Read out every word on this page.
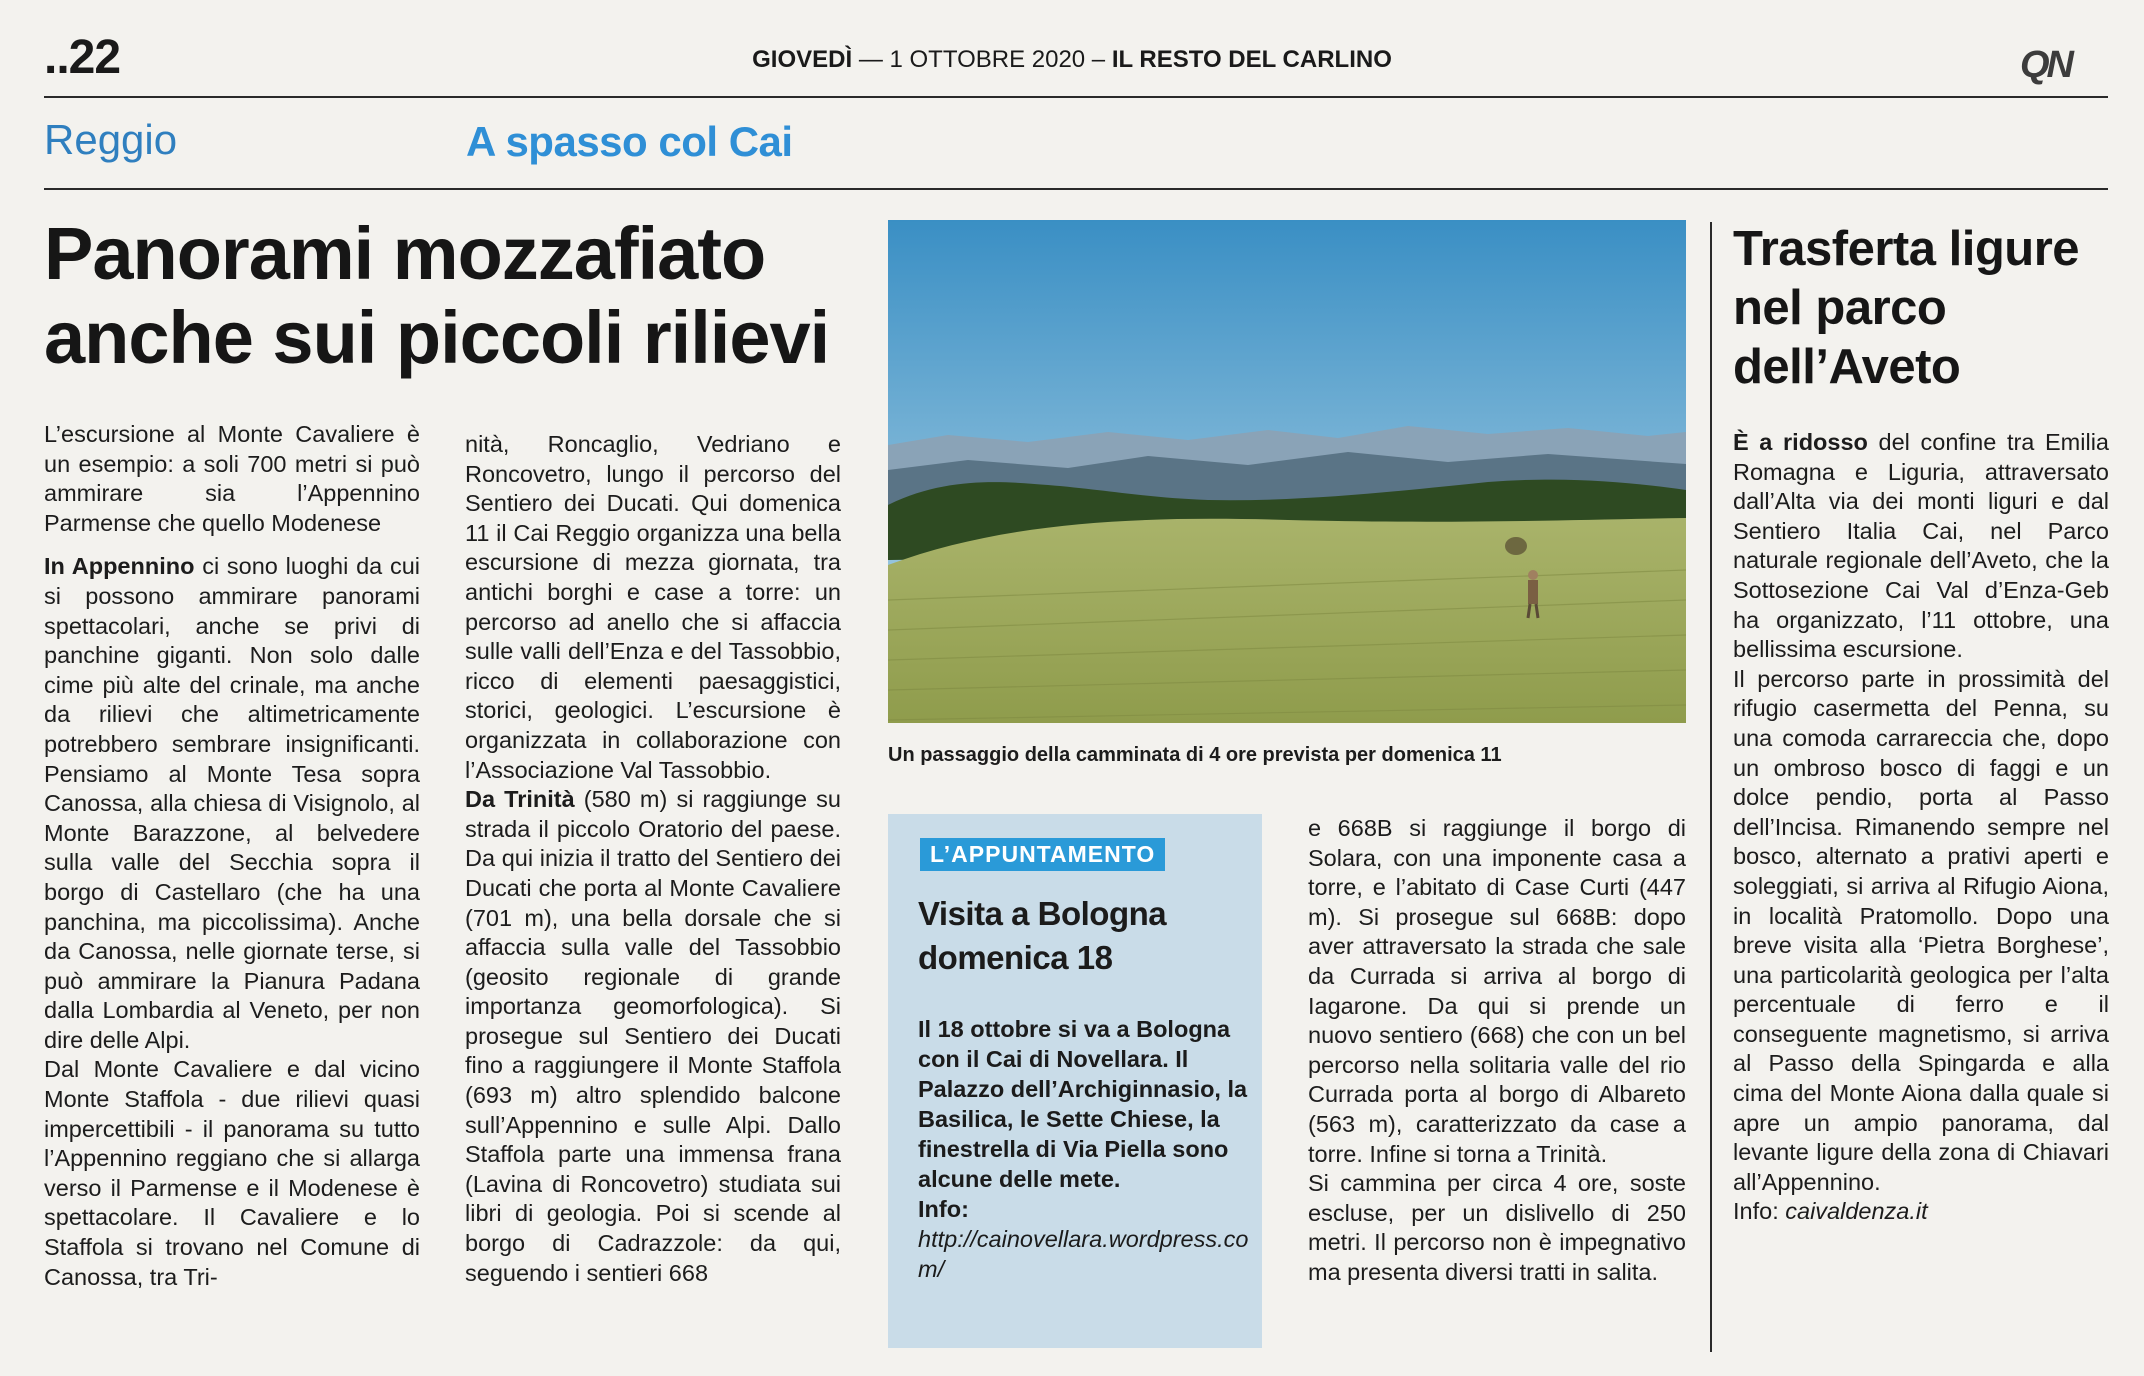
..22	GIOVEDÌ — 1 OTTOBRE 2020 – IL RESTO DEL CARLINO	QN
Reggio	A spasso col Cai
Panorami mozzafiato
anche sui piccoli rilievi

L’escursione al Monte Cavaliere è un esempio: a soli 700 metri si può ammirare sia l’Appennino Parmense che quello Modenese

In Appennino ci sono luoghi da cui si possono ammirare panorami spettacolari, anche se privi di panchine giganti. Non solo dalle cime più alte del crinale, ma anche da rilievi che altimetricamente potrebbero sembrare insignificanti. Pensiamo al Monte Tesa sopra Canossa, alla chiesa di Visignolo, al Monte Barazzone, al belvedere sulla valle del Secchia sopra il borgo di Castellaro (che ha una panchina, ma piccolissima). Anche da Canossa, nelle giornate terse, si può ammirare la Pianura Padana dalla Lombardia al Veneto, per non dire delle Alpi.

Dal Monte Cavaliere e dal vicino Monte Staffola - due rilievi quasi impercettibili - il panorama su tutto l’Appennino reggiano che si allarga verso il Parmense e il Modenese è spettacolare. Il Cavaliere e lo Staffola si trovano nel Comune di Canossa, tra Tri-

nità, Roncaglio, Vedriano e Roncovetro, lungo il percorso del Sentiero dei Ducati. Qui domenica 11 il Cai Reggio organizza una bella escursione di mezza giornata, tra antichi borghi e case a torre: un percorso ad anello che si affaccia sulle valli dell’Enza e del Tassobbio, ricco di elementi paesaggistici, storici, geologici. L’escursione è organizzata in collaborazione con l’Associazione Val Tassobbio.

Da Trinità (580 m) si raggiunge su strada il piccolo Oratorio del paese. Da qui inizia il tratto del Sentiero dei Ducati che porta al Monte Cavaliere (701 m), una bella dorsale che si affaccia sulla valle del Tassobbio (geosito regionale di grande importanza geomorfologica). Si prosegue sul Sentiero dei Ducati fino a raggiungere il Monte Staffola (693 m) altro splendido balcone sull’Appennino e sulle Alpi. Dallo Staffola parte una immensa frana (Lavina di Roncovetro) studiata sui libri di geologia. Poi si scende al borgo di Cadrazzole: da qui, seguendo i sentieri 668

Un passaggio della camminata di 4 ore prevista per domenica 11
L’APPUNTAMENTO
Visita a Bologna
domenica 18
Il 18 ottobre si va a Bologna con il Cai di Novellara. Il Palazzo dell’Archiginnasio, la Basilica, le Sette Chiese, la finestrella di Via Piella sono alcune delle mete.
Info:
http://cainovellara.wordpress.com/

e 668B si raggiunge il borgo di Solara, con una imponente casa a torre, e l’abitato di Case Curti (447 m). Si prosegue sul 668B: dopo aver attraversato la strada che sale da Currada si arriva al borgo di Iagarone. Da qui si prende un nuovo sentiero (668) che con un bel percorso nella solitaria valle del rio Currada porta al borgo di Albareto (563 m), caratterizzato da case a torre. Infine si torna a Trinità.

Si cammina per circa 4 ore, soste escluse, per un dislivello di 250 metri. Il percorso non è impegnativo ma presenta diversi tratti in salita.

Trasferta ligure
nel parco
dell’Aveto

È a ridosso del confine tra Emilia Romagna e Liguria, attraversato dall’Alta via dei monti liguri e dal Sentiero Italia Cai, nel Parco naturale regionale dell’Aveto, che la Sottosezione Cai Val d’Enza-Geb ha organizzato, l’11 ottobre, una bellissima escursione.

Il percorso parte in prossimità del rifugio casermetta del Penna, su una comoda carrareccia che, dopo un ombroso bosco di faggi e un dolce pendio, porta al Passo dell’Incisa. Rimanendo sempre nel bosco, alternato a prativi aperti e soleggiati, si arriva al Rifugio Aiona, in località Pratomollo. Dopo una breve visita alla ‘Pietra Borghese’, una particolarità geologica per l’alta percentuale di ferro e il conseguente magnetismo, si arriva al Passo della Spingarda e alla cima del Monte Aiona dalla quale si apre un ampio panorama, dal levante ligure della zona di Chiavari all’Appennino.

Info: caivaldenza.it
